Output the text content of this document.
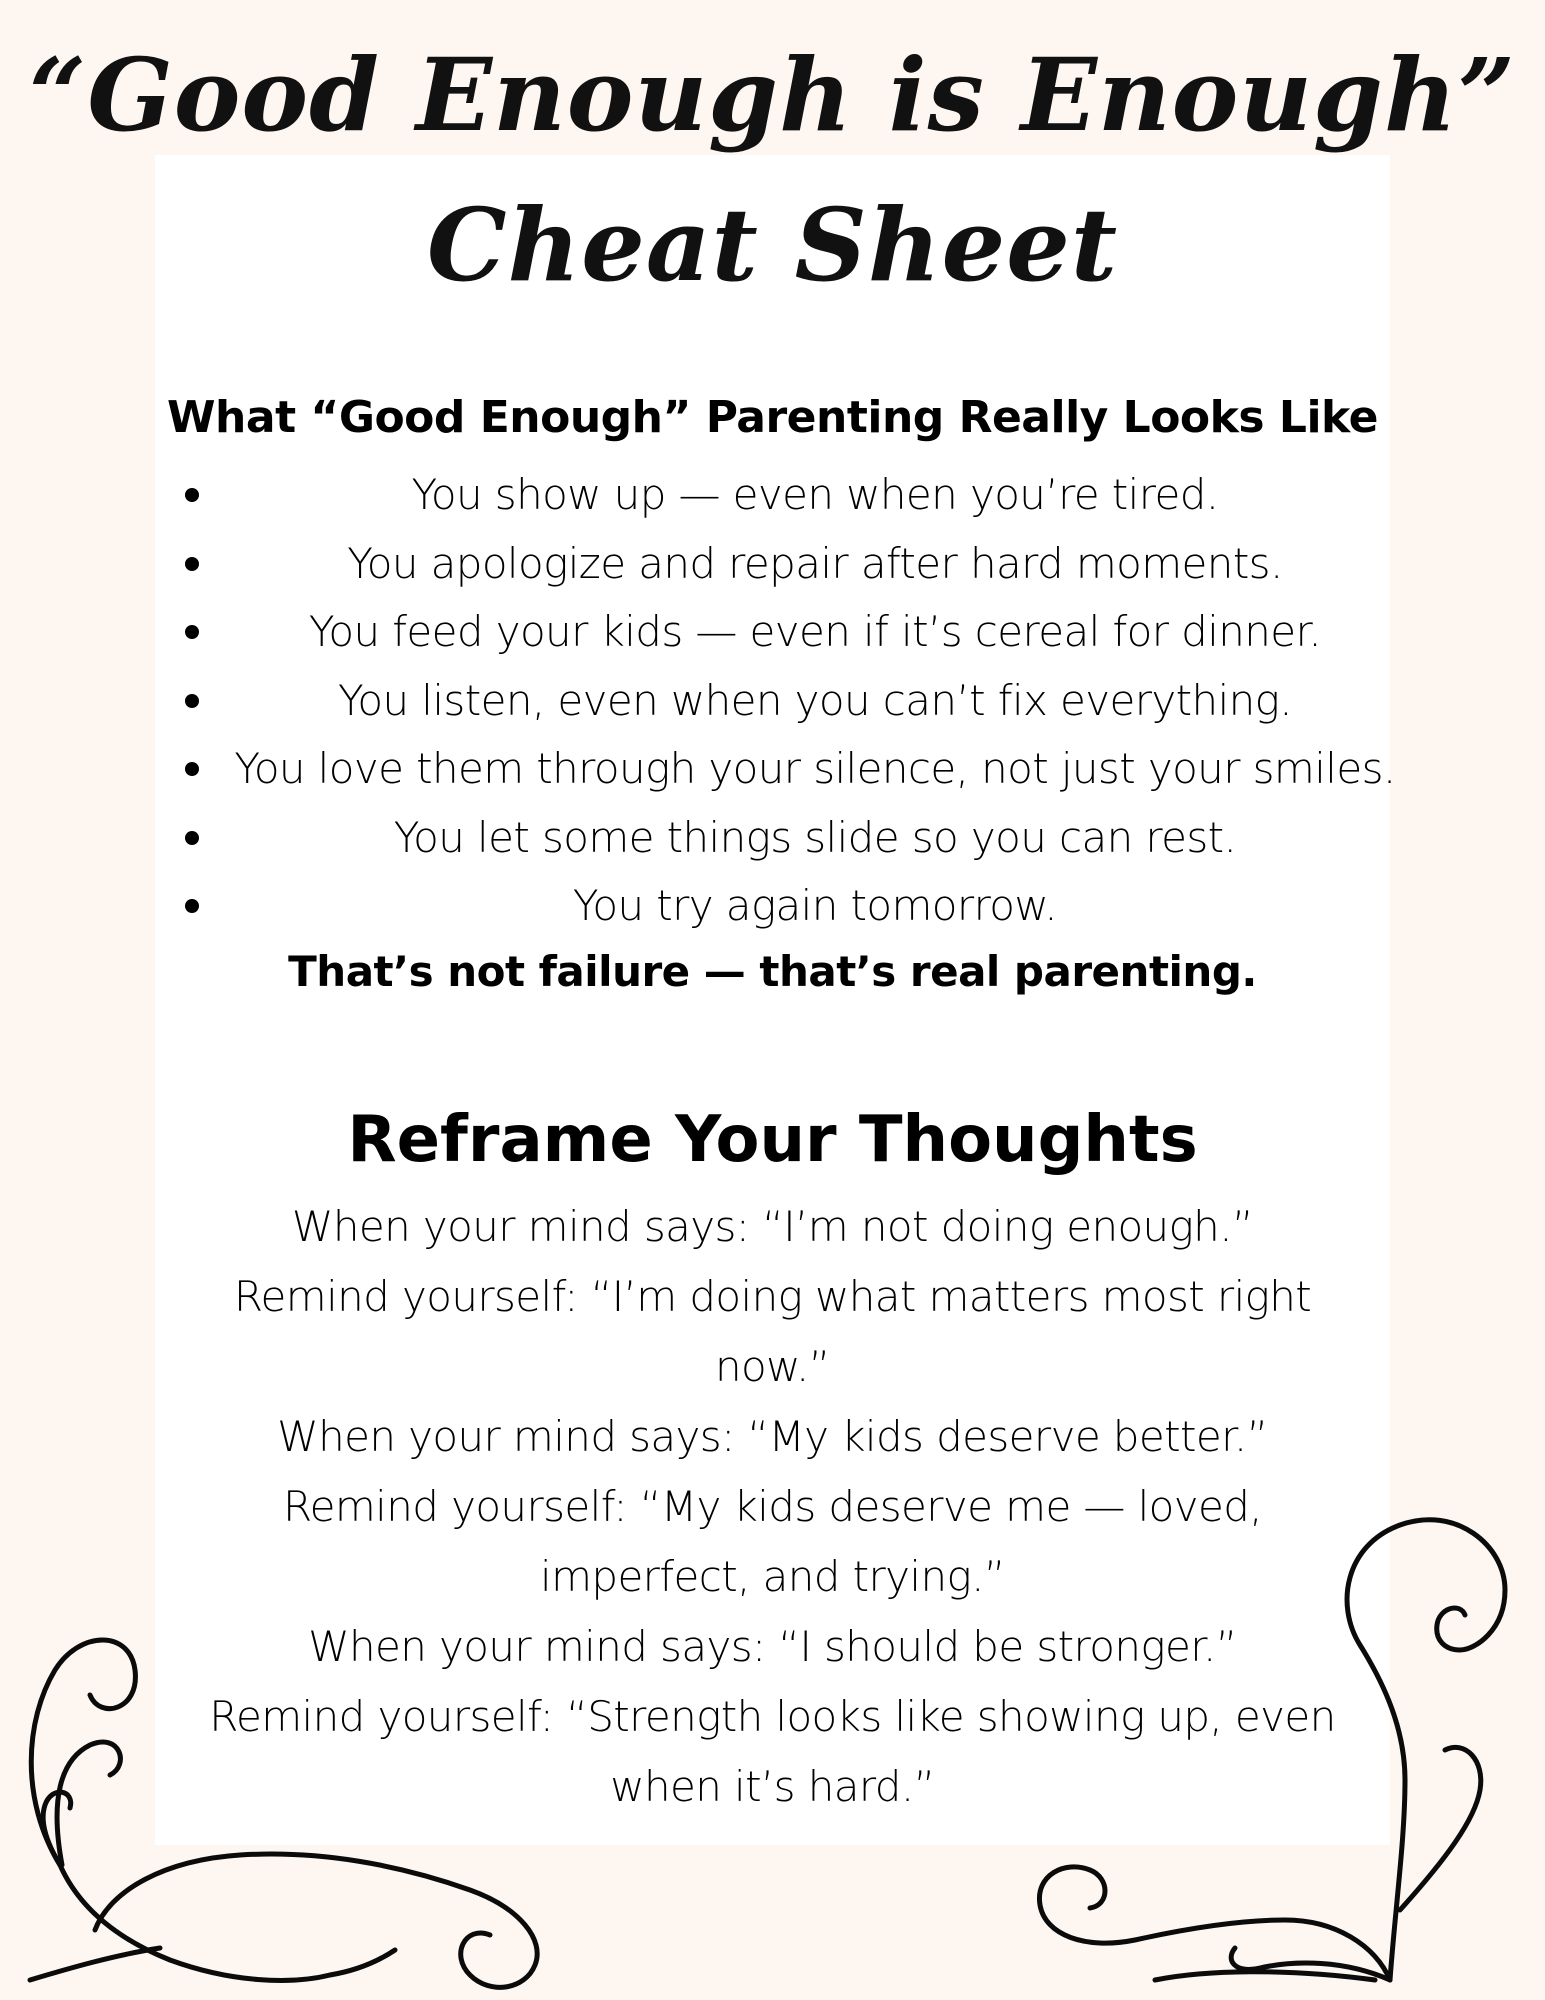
“Good Enough is Enough”
Cheat Sheet
What “Good Enough” Parenting Really Looks Like
You show up — even when you’re tired.
You apologize and repair after hard moments.
You feed your kids — even if it’s cereal for dinner.
You listen, even when you can’t fix everything.
You love them through your silence, not just your smiles.
You let some things slide so you can rest.
You try again tomorrow.
That’s not failure — that’s real parenting.
Reframe Your Thoughts

When your mind says: “I’m not doing enough.”

Remind yourself: “I’m doing what matters most right now.”

When your mind says: “My kids deserve better.”

Remind yourself: “My kids deserve me — loved, imperfect, and trying.”

When your mind says: “I should be stronger.”

Remind yourself: “Strength looks like showing up, even when it’s hard.”
